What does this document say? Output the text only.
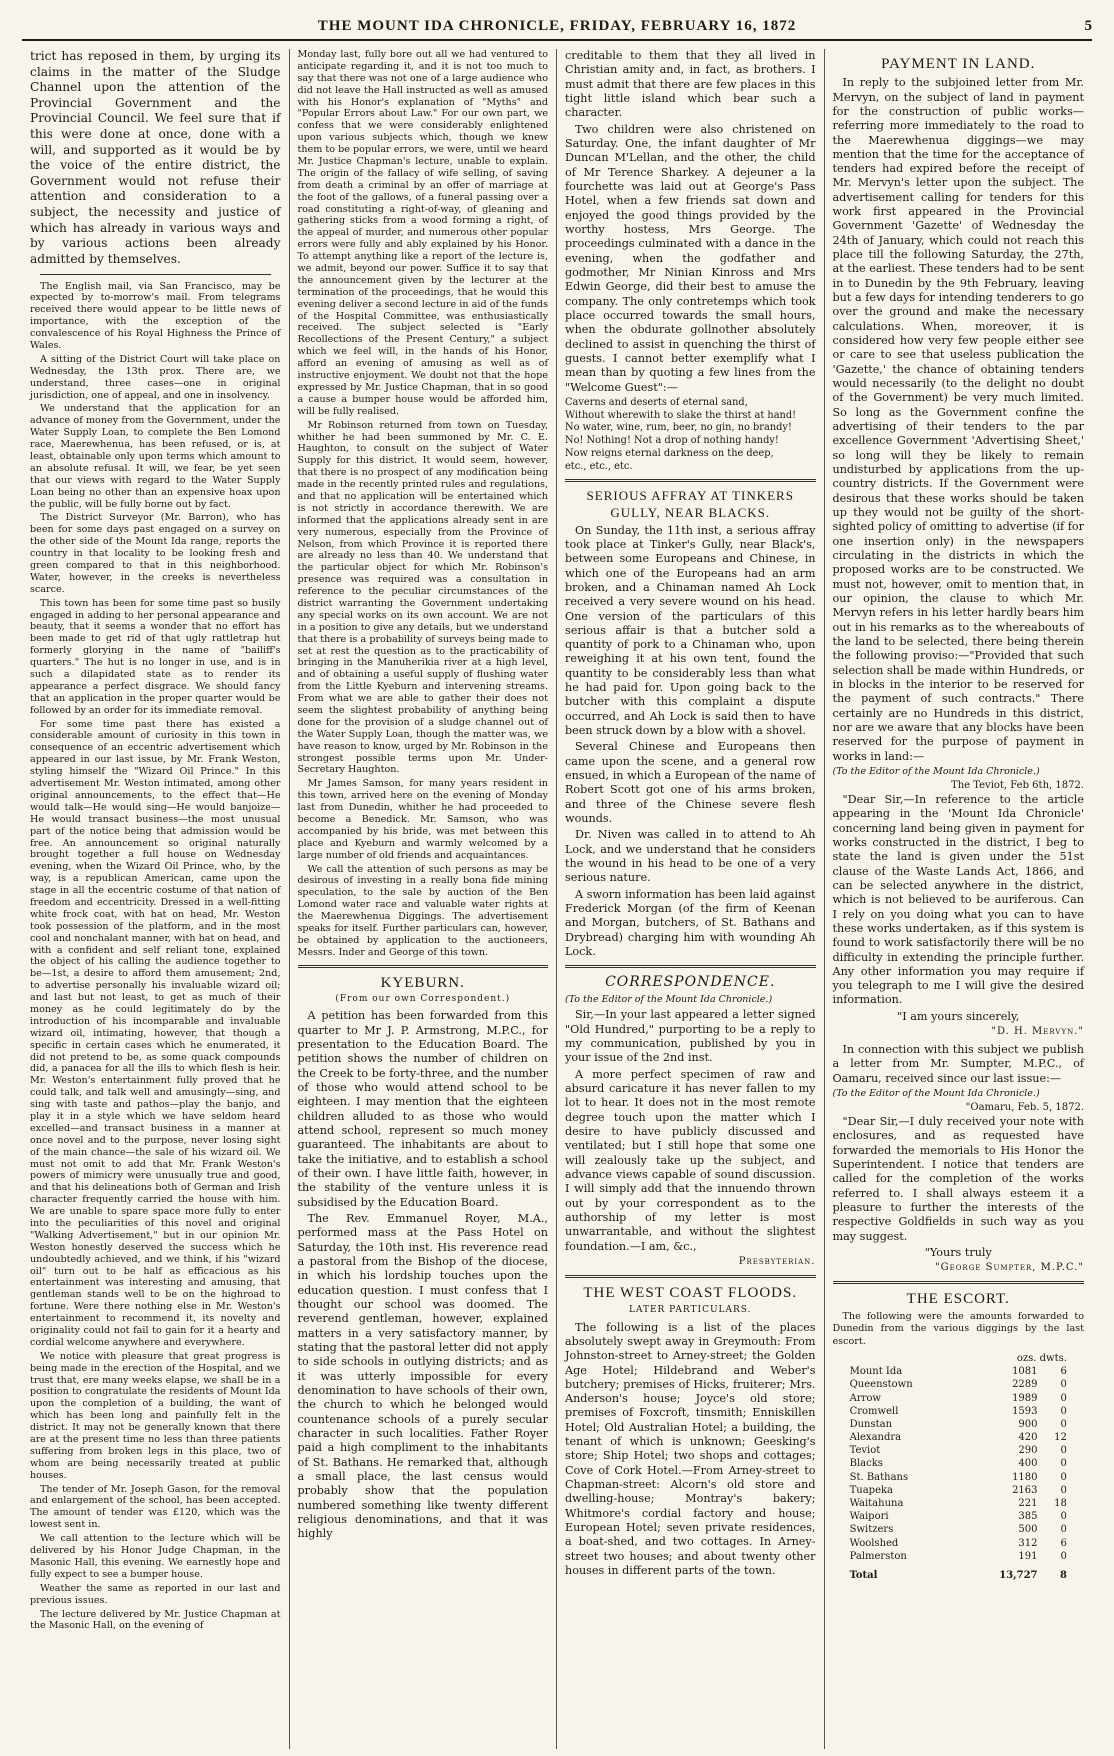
THE MOUNT IDA CHRONICLE, FRIDAY, FEBRUARY 16, 1872	5

trict has reposed in them, by urging its claims in the matter of the Sludge Channel upon the attention of the Provincial Government and the Provincial Council. We feel sure that if this were done at once, done with a will, and supported as it would be by the voice of the entire district, the Government would not refuse their attention and consideration to a subject, the necessity and justice of which has already in various ways and by various actions been already admitted by themselves.

The English mail, via San Francisco, may be expected by to-morrow's mail. From telegrams received there would appear to be little news of importance, with the exception of the convalescence of his Royal Highness the Prince of Wales.

A sitting of the District Court will take place on Wednesday, the 13th prox. There are, we understand, three cases—one in original jurisdiction, one of appeal, and one in insolvency.

We understand that the application for an advance of money from the Government, under the Water Supply Loan, to complete the Ben Lomond race, Maerewhenua, has been refused, or is, at least, obtainable only upon terms which amount to an absolute refusal. It will, we fear, be yet seen that our views with regard to the Water Supply Loan being no other than an expensive hoax upon the public, will be fully borne out by fact.

The District Surveyor (Mr. Barron), who has been for some days past engaged on a survey on the other side of the Mount Ida range, reports the country in that locality to be looking fresh and green compared to that in this neighborhood. Water, however, in the creeks is nevertheless scarce.

This town has been for some time past so busily engaged in adding to her personal appearance and beauty, that it seems a wonder that no effort has been made to get rid of that ugly rattletrap hut formerly glorying in the name of "bailiff's quarters." The hut is no longer in use, and is in such a dilapidated state as to render its appearance a perfect disgrace. We should fancy that an application in the proper quarter would be followed by an order for its immediate removal.

For some time past there has existed a considerable amount of curiosity in this town in consequence of an eccentric advertisement which appeared in our last issue, by Mr. Frank Weston, styling himself the "Wizard Oil Prince." In this advertisement Mr. Weston intimated, among other original announcements, to the effect that—He would talk—He would sing—He would banjoize—He would transact business—the most unusual part of the notice being that admission would be free. An announcement so original naturally brought together a full house on Wednesday evening, when the Wizard Oil Prince, who, by the way, is a republican American, came upon the stage in all the eccentric costume of that nation of freedom and eccentricity. Dressed in a well-fitting white frock coat, with hat on head, Mr. Weston took possession of the platform, and in the most cool and nonchalant manner, with hat on head, and with a confident and self reliant tone, explained the object of his calling the audience together to be—1st, a desire to afford them amusement; 2nd, to advertise personally his invaluable wizard oil; and last but not least, to get as much of their money as he could legitimately do by the introduction of his incomparable and invaluable wizard oil, intimating, however, that though a specific in certain cases which he enumerated, it did not pretend to be, as some quack compounds did, a panacea for all the ills to which flesh is heir. Mr. Weston's entertainment fully proved that he could talk, and talk well and amusingly—sing, and sing with taste and pathos—play the banjo, and play it in a style which we have seldom heard excelled—and transact business in a manner at once novel and to the purpose, never losing sight of the main chance—the sale of his wizard oil. We must not omit to add that Mr. Frank Weston's powers of mimicry were unusually true and good, and that his delineations both of German and Irish character frequently carried the house with him. We are unable to spare space more fully to enter into the peculiarities of this novel and original "Walking Advertisement," but in our opinion Mr. Weston honestly deserved the success which he undoubtedly achieved, and we think, if his "wizard oil" turn out to be half as efficacious as his entertainment was interesting and amusing, that gentleman stands well to be on the highroad to fortune. Were there nothing else in Mr. Weston's entertainment to recommend it, its novelty and originality could not fail to gain for it a hearty and cordial welcome anywhere and everywhere.

We notice with pleasure that great progress is being made in the erection of the Hospital, and we trust that, ere many weeks elapse, we shall be in a position to congratulate the residents of Mount Ida upon the completion of a building, the want of which has been long and painfully felt in the district. It may not be generally known that there are at the present time no less than three patients suffering from broken legs in this place, two of whom are being necessarily treated at public houses.

The tender of Mr. Joseph Gason, for the removal and enlargement of the school, has been accepted. The amount of tender was £120, which was the lowest sent in.

We call attention to the lecture which will be delivered by his Honor Judge Chapman, in the Masonic Hall, this evening. We earnestly hope and fully expect to see a bumper house.

Weather the same as reported in our last and previous issues.

The lecture delivered by Mr. Justice Chapman at the Masonic Hall, on the evening of

Monday last, fully bore out all we had ventured to anticipate regarding it, and it is not too much to say that there was not one of a large audience who did not leave the Hall instructed as well as amused with his Honor's explanation of "Myths" and "Popular Errors about Law." For our own part, we confess that we were considerably enlightened upon various subjects which, though we knew them to be popular errors, we were, until we heard Mr. Justice Chapman's lecture, unable to explain. The origin of the fallacy of wife selling, of saving from death a criminal by an offer of marriage at the foot of the gallows, of a funeral passing over a road constituting a right-of-way, of gleaning and gathering sticks from a wood forming a right, of the appeal of murder, and numerous other popular errors were fully and ably explained by his Honor. To attempt anything like a report of the lecture is, we admit, beyond our power. Suffice it to say that the announcement given by the lecturer at the termination of the proceedings, that he would this evening deliver a second lecture in aid of the funds of the Hospital Committee, was enthusiastically received. The subject selected is "Early Recollections of the Present Century," a subject which we feel will, in the hands of his Honor, afford an evening of amusing as well as of instructive enjoyment. We doubt not that the hope expressed by Mr. Justice Chapman, that in so good a cause a bumper house would be afforded him, will be fully realised.

Mr Robinson returned from town on Tuesday, whither he had been summoned by Mr. C. E. Haughton, to consult on the subject of Water Supply for this district. It would seem, however, that there is no prospect of any modification being made in the recently printed rules and regulations, and that no application will be entertained which is not strictly in accordance therewith. We are informed that the applications already sent in are very numerous, especially from the Province of Nelson, from which Province it is reported there are already no less than 40. We understand that the particular object for which Mr. Robinson's presence was required was a consultation in reference to the peculiar circumstances of the district warranting the Government undertaking any special works on its own account. We are not in a position to give any details, but we understand that there is a probability of surveys being made to set at rest the question as to the practicability of bringing in the Manuherikia river at a high level, and of obtaining a useful supply of flushing water from the Little Kyeburn and intervening streams. From what we are able to gather their does not seem the slightest probability of anything being done for the provision of a sludge channel out of the Water Supply Loan, though the matter was, we have reason to know, urged by Mr. Robinson in the strongest possible terms upon Mr. Under-Secretary Haughton.

Mr James Samson, for many years resident in this town, arrived here on the evening of Monday last from Dunedin, whither he had proceeded to become a Benedick. Mr. Samson, who was accompanied by his bride, was met between this place and Kyeburn and warmly welcomed by a large number of old friends and acquaintances.

We call the attention of such persons as may be desirous of investing in a really bona fide mining speculation, to the sale by auction of the Ben Lomond water race and valuable water rights at the Maerewhenua Diggings. The advertisement speaks for itself. Further particulars can, however, be obtained by application to the auctioneers, Messrs. Inder and George of this town.

KYEBURN.
(From our own Correspondent.)

A petition has been forwarded from this quarter to Mr J. P. Armstrong, M.P.C., for presentation to the Education Board. The petition shows the number of children on the Creek to be forty-three, and the number of those who would attend school to be eighteen. I may mention that the eighteen children alluded to as those who would attend school, represent so much money guaranteed. The inhabitants are about to take the initiative, and to establish a school of their own. I have little faith, however, in the stability of the venture unless it is subsidised by the Education Board.

The Rev. Emmanuel Royer, M.A., performed mass at the Pass Hotel on Saturday, the 10th inst. His reverence read a pastoral from the Bishop of the diocese, in which his lordship touches upon the education question. I must confess that I thought our school was doomed. The reverend gentleman, however, explained matters in a very satisfactory manner, by stating that the pastoral letter did not apply to side schools in outlying districts; and as it was utterly impossible for every denomination to have schools of their own, the church to which he belonged would countenance schools of a purely secular character in such localities. Father Royer paid a high compliment to the inhabitants of St. Bathans. He remarked that, although a small place, the last census would probably show that the population numbered something like twenty different religious denominations, and that it was highly

creditable to them that they all lived in Christian amity and, in fact, as brothers. I must admit that there are few places in this tight little island which bear such a character.

Two children were also christened on Saturday. One, the infant daughter of Mr Duncan M'Lellan, and the other, the child of Mr Terence Sharkey. A dejeuner a la fourchette was laid out at George's Pass Hotel, when a few friends sat down and enjoyed the good things provided by the worthy hostess, Mrs George. The proceedings culminated with a dance in the evening, when the godfather and godmother, Mr Ninian Kinross and Mrs Edwin George, did their best to amuse the company. The only contretemps which took place occurred towards the small hours, when the obdurate gollnother absolutely declined to assist in quenching the thirst of guests. I cannot better exemplify what I mean than by quoting a few lines from the "Welcome Guest":—

Caverns and deserts of eternal sand,
Without wherewith to slake the thirst at hand!
No water, wine, rum, beer, no gin, no brandy!
No! Nothing! Not a drop of nothing handy!
Now reigns eternal darkness on the deep,
etc., etc., etc.
SERIOUS AFFRAY AT TINKERS GULLY, NEAR BLACKS.

On Sunday, the 11th inst, a serious affray took place at Tinker's Gully, near Black's, between some Europeans and Chinese, in which one of the Europeans had an arm broken, and a Chinaman named Ah Lock received a very severe wound on his head. One version of the particulars of this serious affair is that a butcher sold a quantity of pork to a Chinaman who, upon reweighing it at his own tent, found the quantity to be considerably less than what he had paid for. Upon going back to the butcher with this complaint a dispute occurred, and Ah Lock is said then to have been struck down by a blow with a shovel.

Several Chinese and Europeans then came upon the scene, and a general row ensued, in which a European of the name of Robert Scott got one of his arms broken, and three of the Chinese severe flesh wounds.

Dr. Niven was called in to attend to Ah Lock, and we understand that he considers the wound in his head to be one of a very serious nature.

A sworn information has been laid against Frederick Morgan (of the firm of Keenan and Morgan, butchers, of St. Bathans and Drybread) charging him with wounding Ah Lock.

CORRESPONDENCE.
(To the Editor of the Mount Ida Chronicle.)

Sir,—In your last appeared a letter signed "Old Hundred," purporting to be a reply to my communication, published by you in your issue of the 2nd inst.

A more perfect specimen of raw and absurd caricature it has never fallen to my lot to hear. It does not in the most remote degree touch upon the matter which I desire to have publicly discussed and ventilated; but I still hope that some one will zealously take up the subject, and advance views capable of sound discussion. I will simply add that the innuendo thrown out by your correspondent as to the authorship of my letter is most unwarrantable, and without the slightest foundation.—I am, &c.,

Presbyterian.
THE WEST COAST FLOODS.
LATER PARTICULARS.

The following is a list of the places absolutely swept away in Greymouth: From Johnston-street to Arney-street; the Golden Age Hotel; Hildebrand and Weber's butchery; premises of Hicks, fruiterer; Mrs. Anderson's house; Joyce's old store; premises of Foxcroft, tinsmith; Enniskillen Hotel; Old Australian Hotel; a building, the tenant of which is unknown; Geesking's store; Ship Hotel; two shops and cottages; Cove of Cork Hotel.—From Arney-street to Chapman-street: Alcorn's old store and dwelling-house; Montray's bakery; Whitmore's cordial factory and house; European Hotel; seven private residences, a boat-shed, and two cottages. In Arney-street two houses; and about twenty other houses in different parts of the town.

PAYMENT IN LAND.

In reply to the subjoined letter from Mr. Mervyn, on the subject of land in payment for the construction of public works—referring more immediately to the road to the Maerewhenua diggings—we may mention that the time for the acceptance of tenders had expired before the receipt of Mr. Mervyn's letter upon the subject. The advertisement calling for tenders for this work first appeared in the Provincial Government 'Gazette' of Wednesday the 24th of January, which could not reach this place till the following Saturday, the 27th, at the earliest. These tenders had to be sent in to Dunedin by the 9th February, leaving but a few days for intending tenderers to go over the ground and make the necessary calculations. When, moreover, it is considered how very few people either see or care to see that useless publication the 'Gazette,' the chance of obtaining tenders would necessarily (to the delight no doubt of the Government) be very much limited. So long as the Government confine the advertising of their tenders to the par excellence Government 'Advertising Sheet,' so long will they be likely to remain undisturbed by applications from the up-country districts. If the Government were desirous that these works should be taken up they would not be guilty of the short-sighted policy of omitting to advertise (if for one insertion only) in the newspapers circulating in the districts in which the proposed works are to be constructed. We must not, however, omit to mention that, in our opinion, the clause to which Mr. Mervyn refers in his letter hardly bears him out in his remarks as to the whereabouts of the land to be selected, there being therein the following proviso:—"Provided that such selection shall be made within Hundreds, or in blocks in the interior to be reserved for the payment of such contracts." There certainly are no Hundreds in this district, nor are we aware that any blocks have been reserved for the purpose of payment in works in land:—

(To the Editor of the Mount Ida Chronicle.)
The Teviot, Feb 6th, 1872.

"Dear Sir,—In reference to the article appearing in the 'Mount Ida Chronicle' concerning land being given in payment for works constructed in the district, I beg to state the land is given under the 51st clause of the Waste Lands Act, 1866, and can be selected anywhere in the district, which is not believed to be auriferous. Can I rely on you doing what you can to have these works undertaken, as if this system is found to work satisfactorily there will be no difficulty in extending the principle further. Any other information you may require if you telegraph to me I will give the desired information.

"I am yours sincerely,
"D. H. Mervyn."

In connection with this subject we publish a letter from Mr. Sumpter, M.P.C., of Oamaru, received since our last issue:—

(To the Editor of the Mount Ida Chronicle.)
"Oamaru, Feb. 5, 1872.

"Dear Sir,—I duly received your note with enclosures, and as requested have forwarded the memorials to His Honor the Superintendent. I notice that tenders are called for the completion of the works referred to. I shall always esteem it a pleasure to further the interests of the respective Goldfields in such way as you may suggest.

"Yours truly
"George Sumpter, M.P.C."
THE ESCORT.

The following were the amounts forwarded to Dunedin from the various diggings by the last escort.

	ozs. dwts.	
Mount Ida	1081	6
Queenstown	2289	0
Arrow	1989	0
Cromwell	1593	0
Dunstan	900	0
Alexandra	420	12
Teviot	290	0
Blacks	400	0
St. Bathans	1180	0
Tuapeka	2163	0
Waitahuna	221	18
Waipori	385	0
Switzers	500	0
Woolshed	312	6
Palmerston	191	0
Total	13,727	8
